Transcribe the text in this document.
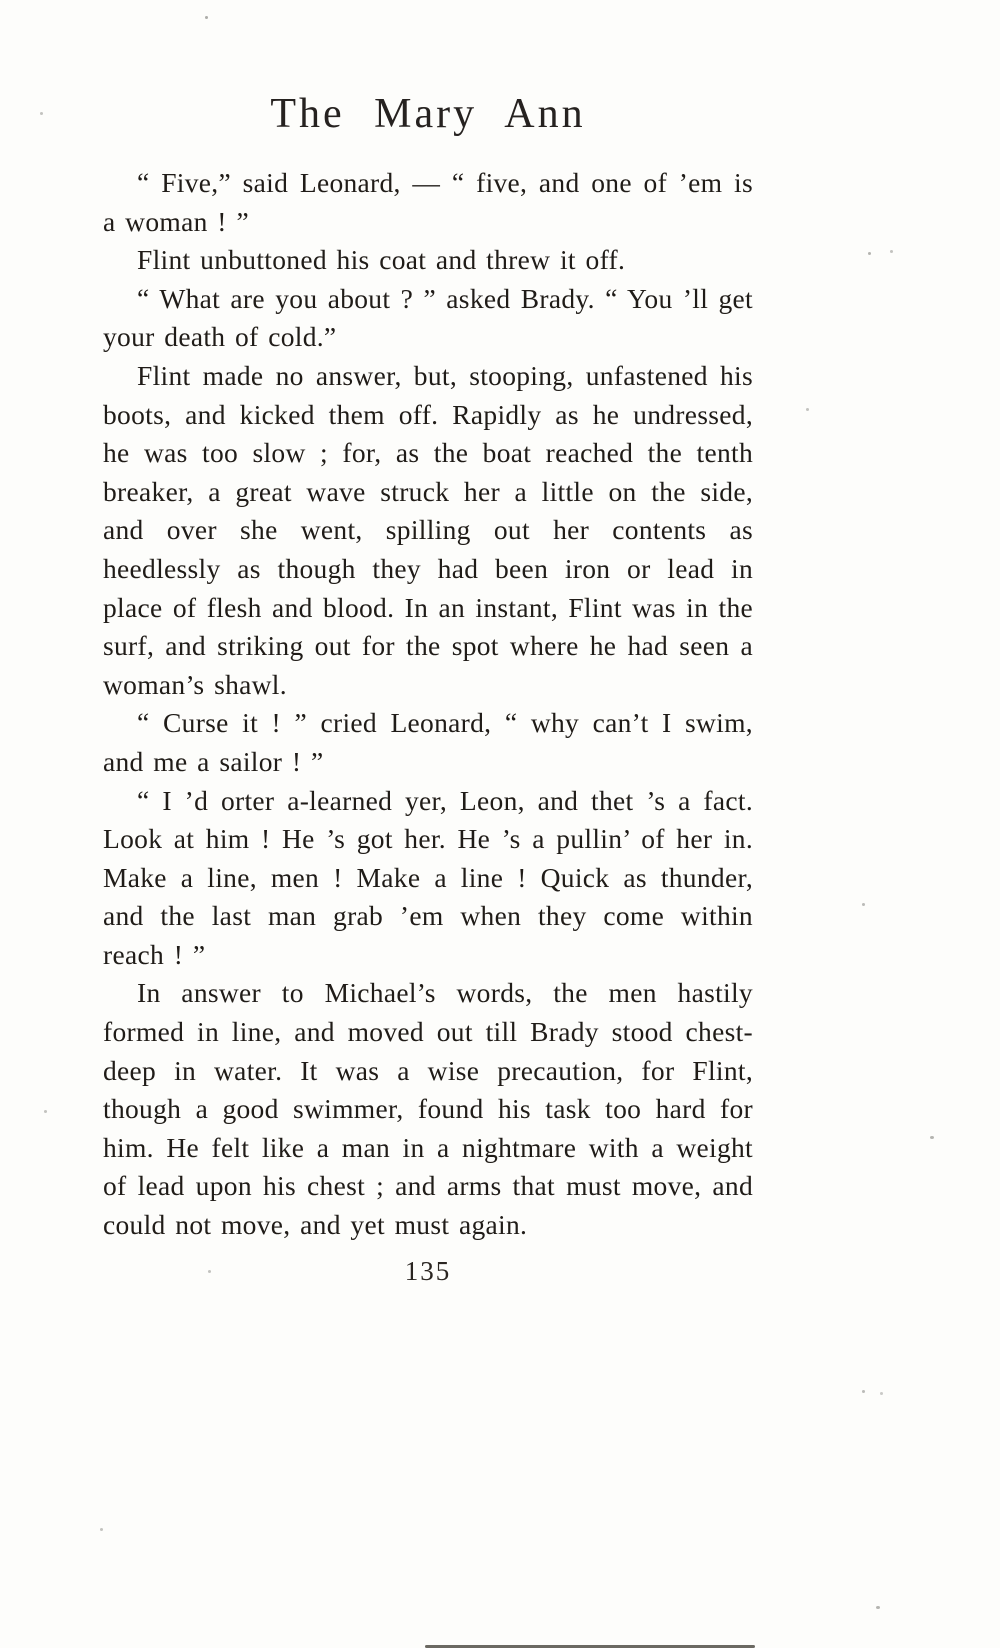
The Mary Ann

“ Five,” said Leonard, — “ five, and one of ’em is a woman ! ”

Flint unbuttoned his coat and threw it off.

“ What are you about ? ” asked Brady. “ You ’ll get your death of cold.”

Flint made no answer, but, stooping, unfastened his boots, and kicked them off. Rapidly as he undressed, he was too slow ; for, as the boat reached the tenth breaker, a great wave struck her a little on the side, and over she went, spilling out her contents as heedlessly as though they had been iron or lead in place of flesh and blood. In an instant, Flint was in the surf, and striking out for the spot where he had seen a woman’s shawl.

“ Curse it ! ” cried Leonard, “ why can’t I swim, and me a sailor ! ”

“ I ’d orter a-learned yer, Leon, and thet ’s a fact. Look at him ! He ’s got her. He ’s a pullin’ of her in. Make a line, men ! Make a line ! Quick as thunder, and the last man grab ’em when they come within reach ! ”

In answer to Michael’s words, the men hastily formed in line, and moved out till Brady stood chest-deep in water. It was a wise precaution, for Flint, though a good swimmer, found his task too hard for him. He felt like a man in a nightmare with a weight of lead upon his chest ; and arms that must move, and could not move, and yet must again.

135
